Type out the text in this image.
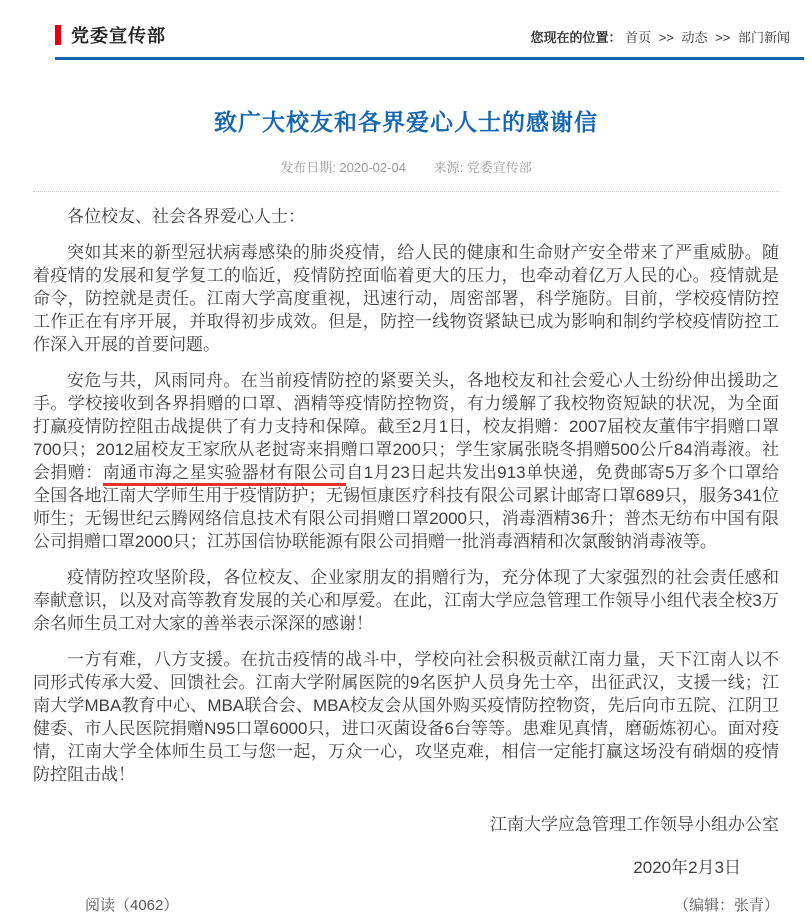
党委宣传部	您现在的位置： 首页 >> 动态 >> 部门新闻
致广大校友和各界爱心人士的感谢信
发布日期: 2020-02-04 来源: 党委宣传部

各位校友、社会各界爱心人士：

突如其来的新型冠状病毒感染的肺炎疫情，给人民的健康和生命财产安全带来了严重威胁。随着疫情的发展和复学复工的临近，疫情防控面临着更大的压力，也牵动着亿万人民的心。疫情就是命令，防控就是责任。江南大学高度重视，迅速行动，周密部署，科学施防。目前，学校疫情防控工作正在有序开展，并取得初步成效。但是，防控一线物资紧缺已成为影响和制约学校疫情防控工作深入开展的首要问题。

安危与共，风雨同舟。在当前疫情防控的紧要关头，各地校友和社会爱心人士纷纷伸出援助之手。学校接收到各界捐赠的口罩、酒精等疫情防控物资，有力缓解了我校物资短缺的状况，为全面打赢疫情防控阻击战提供了有力支持和保障。截至2月1日，校友捐赠：2007届校友董伟宇捐赠口罩700只；2012届校友王家欣从老挝寄来捐赠口罩200只；学生家属张晓冬捐赠500公斤84消毒液。社会捐赠：南通市海之星实验器材有限公司自1月23日起共发出913单快递，免费邮寄5万多个口罩给全国各地江南大学师生用于疫情防护；无锡恒康医疗科技有限公司累计邮寄口罩689只，服务341位师生；无锡世纪云腾网络信息技术有限公司捐赠口罩2000只，消毒酒精36升；普杰无纺布中国有限公司捐赠口罩2000只；江苏国信协联能源有限公司捐赠一批消毒酒精和次氯酸钠消毒液等。

疫情防控攻坚阶段，各位校友、企业家朋友的捐赠行为，充分体现了大家强烈的社会责任感和奉献意识，以及对高等教育发展的关心和厚爱。在此，江南大学应急管理工作领导小组代表全校3万余名师生员工对大家的善举表示深深的感谢！

一方有难，八方支援。在抗击疫情的战斗中，学校向社会积极贡献江南力量，天下江南人以不同形式传承大爱、回馈社会。江南大学附属医院的9名医护人员身先士卒，出征武汉，支援一线；江南大学MBA教育中心、MBA联合会、MBA校友会从国外购买疫情防控物资，先后向市五院、江阴卫健委、市人民医院捐赠N95口罩6000只，进口灭菌设备6台等等。患难见真情，磨砺炼初心。面对疫情，江南大学全体师生员工与您一起，万众一心，攻坚克难，相信一定能打赢这场没有硝烟的疫情防控阻击战！

江南大学应急管理工作领导小组办公室
2020年2月3日
阅读（4062）	（编辑：张青）
